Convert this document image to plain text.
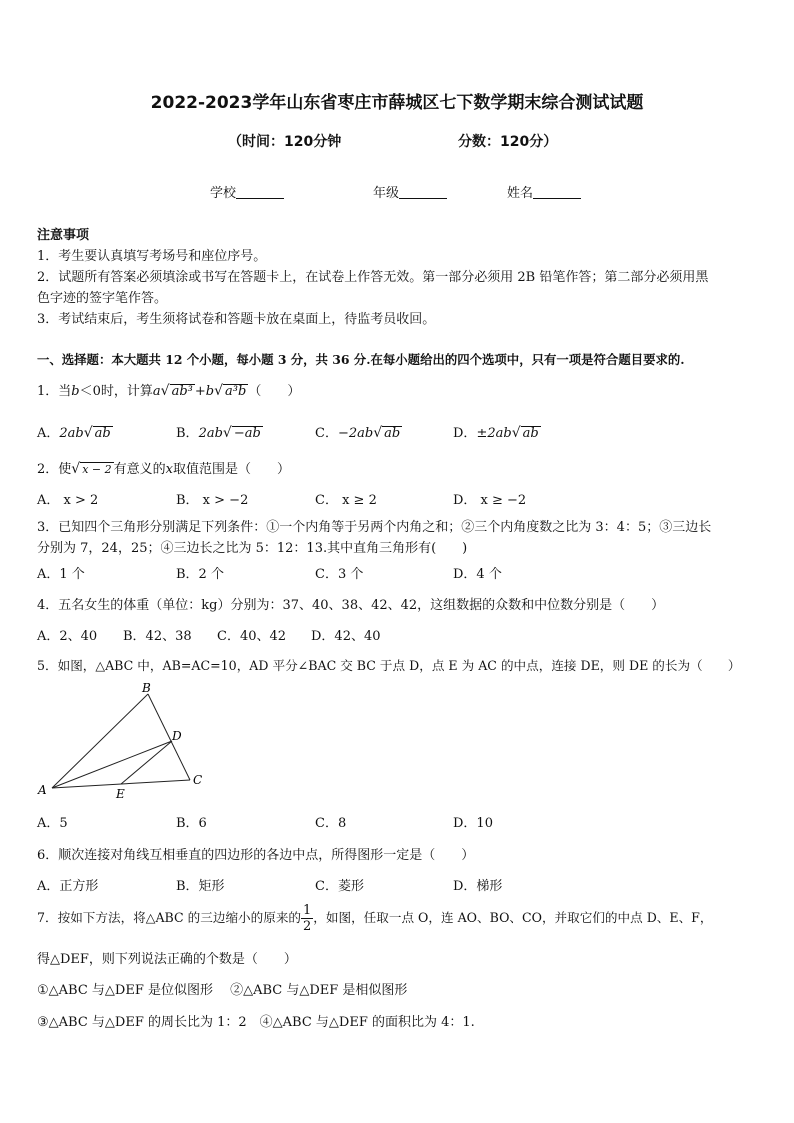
2022-2023学年山东省枣庄市薛城区七下数学期末综合测试试题
（时间：120分钟	分数：120分）
学校	年级	姓名
注意事项
1．考生要认真填写考场号和座位序号。
2．试题所有答案必须填涂或书写在答题卡上，在试卷上作答无效。第一部分必须用 2B 铅笔作答；第二部分必须用黑
色字迹的签字笔作答。
3．考试结束后，考生须将试卷和答题卡放在桌面上，待监考员收回。
一、选择题：本大题共 12 个小题，每小题 3 分，共 36 分.在每小题给出的四个选项中，只有一项是符合题目要求的.
1．当b＜0时，计算a√ ab³ +b√ a³b （　　）
A．2ab√ ab	B．2ab√ −ab	C．−2ab√ ab	D．±2ab√ ab
2．使√ x − 2 有意义的x取值范围是（　　）
A． x > 2	B． x > −2	C． x ≥ 2	D． x ≥ −2
3．已知四个三角形分别满足下列条件：①一个内角等于另两个内角之和；②三个内角度数之比为 3：4：5；③三边长
分别为 7，24，25；④三边长之比为 5：12：13.其中直角三角形有(　　)
A．1 个	B．2 个	C．3 个	D．4 个
4．五名女生的体重（单位：kg）分别为：37、40、38、42、42，这组数据的众数和中位数分别是（　　）
A．2、40 B．42、38 C．40、42 D．42、40
5．如图，△ABC 中，AB=AC=10，AD 平分∠BAC 交 BC 于点 D，点 E 为 AC 的中点，连接 DE，则 DE 的长为（　　）
A
B
C
D
E
A．5	B．6	C．8	D．10
6．顺次连接对角线互相垂直的四边形的各边中点，所得图形一定是（　　）
A．正方形	B．矩形	C．菱形	D．梯形
7．按如下方法，将△ABC 的三边缩小的原来的 $\frac{1}{2}$ ，如图，任取一点 O，连 AO、BO、CO，并取它们的中点 D、E、F，
得△DEF，则下列说法正确的个数是（　　）
①△ABC 与△DEF 是位似图形　 ②△ABC 与△DEF 是相似图形
③△ABC 与△DEF 的周长比为 1：2　④△ABC 与△DEF 的面积比为 4：1.
